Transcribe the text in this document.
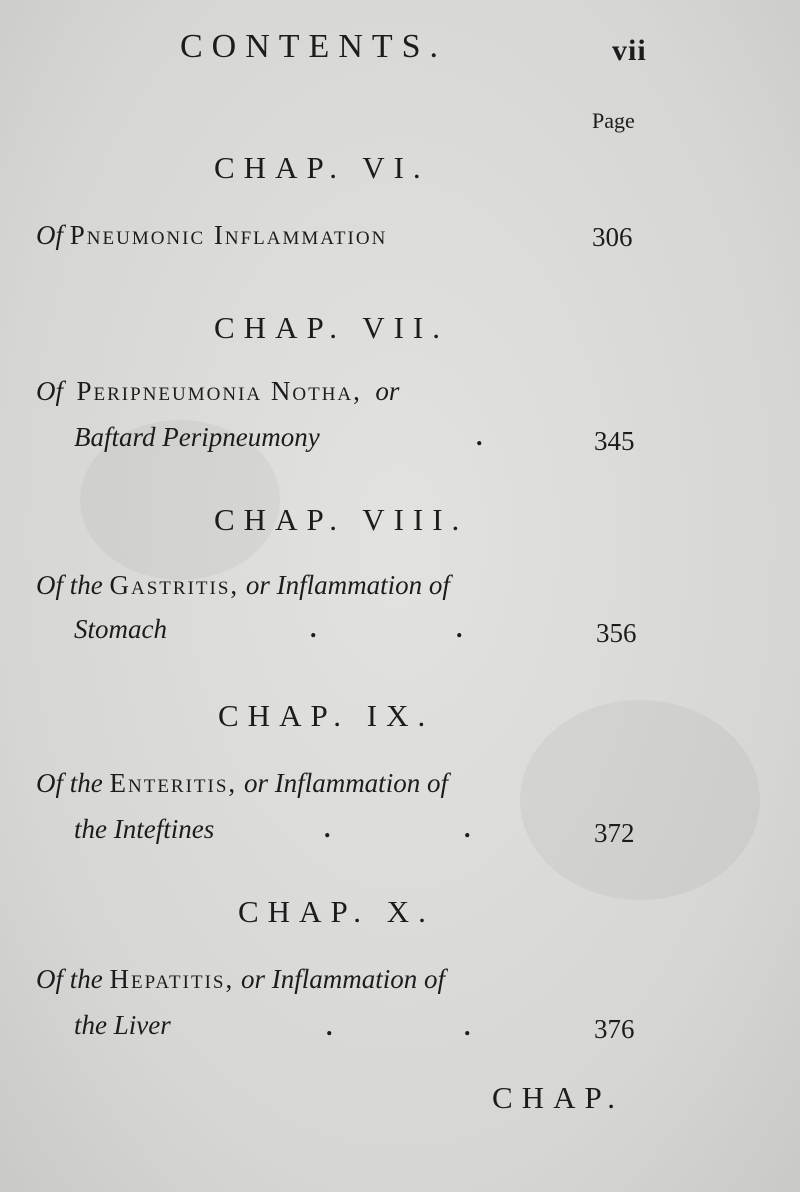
CONTENTS.	vii
Page
CHAP. VI.
Of Pneumonic Inflammation	306
CHAP. VII.
Of Peripneumonia Notha, or
Baftard Peripneumony	.	345
CHAP. VIII.
Of the Gastritis, or Inflammation of
Stomach	.	.	356
CHAP. IX.
Of the Enteritis, or Inflammation of
the Inteftines	.	.	372
CHAP. X.
Of the Hepatitis, or Inflammation of
the Liver	.	.	376
CHAP.
